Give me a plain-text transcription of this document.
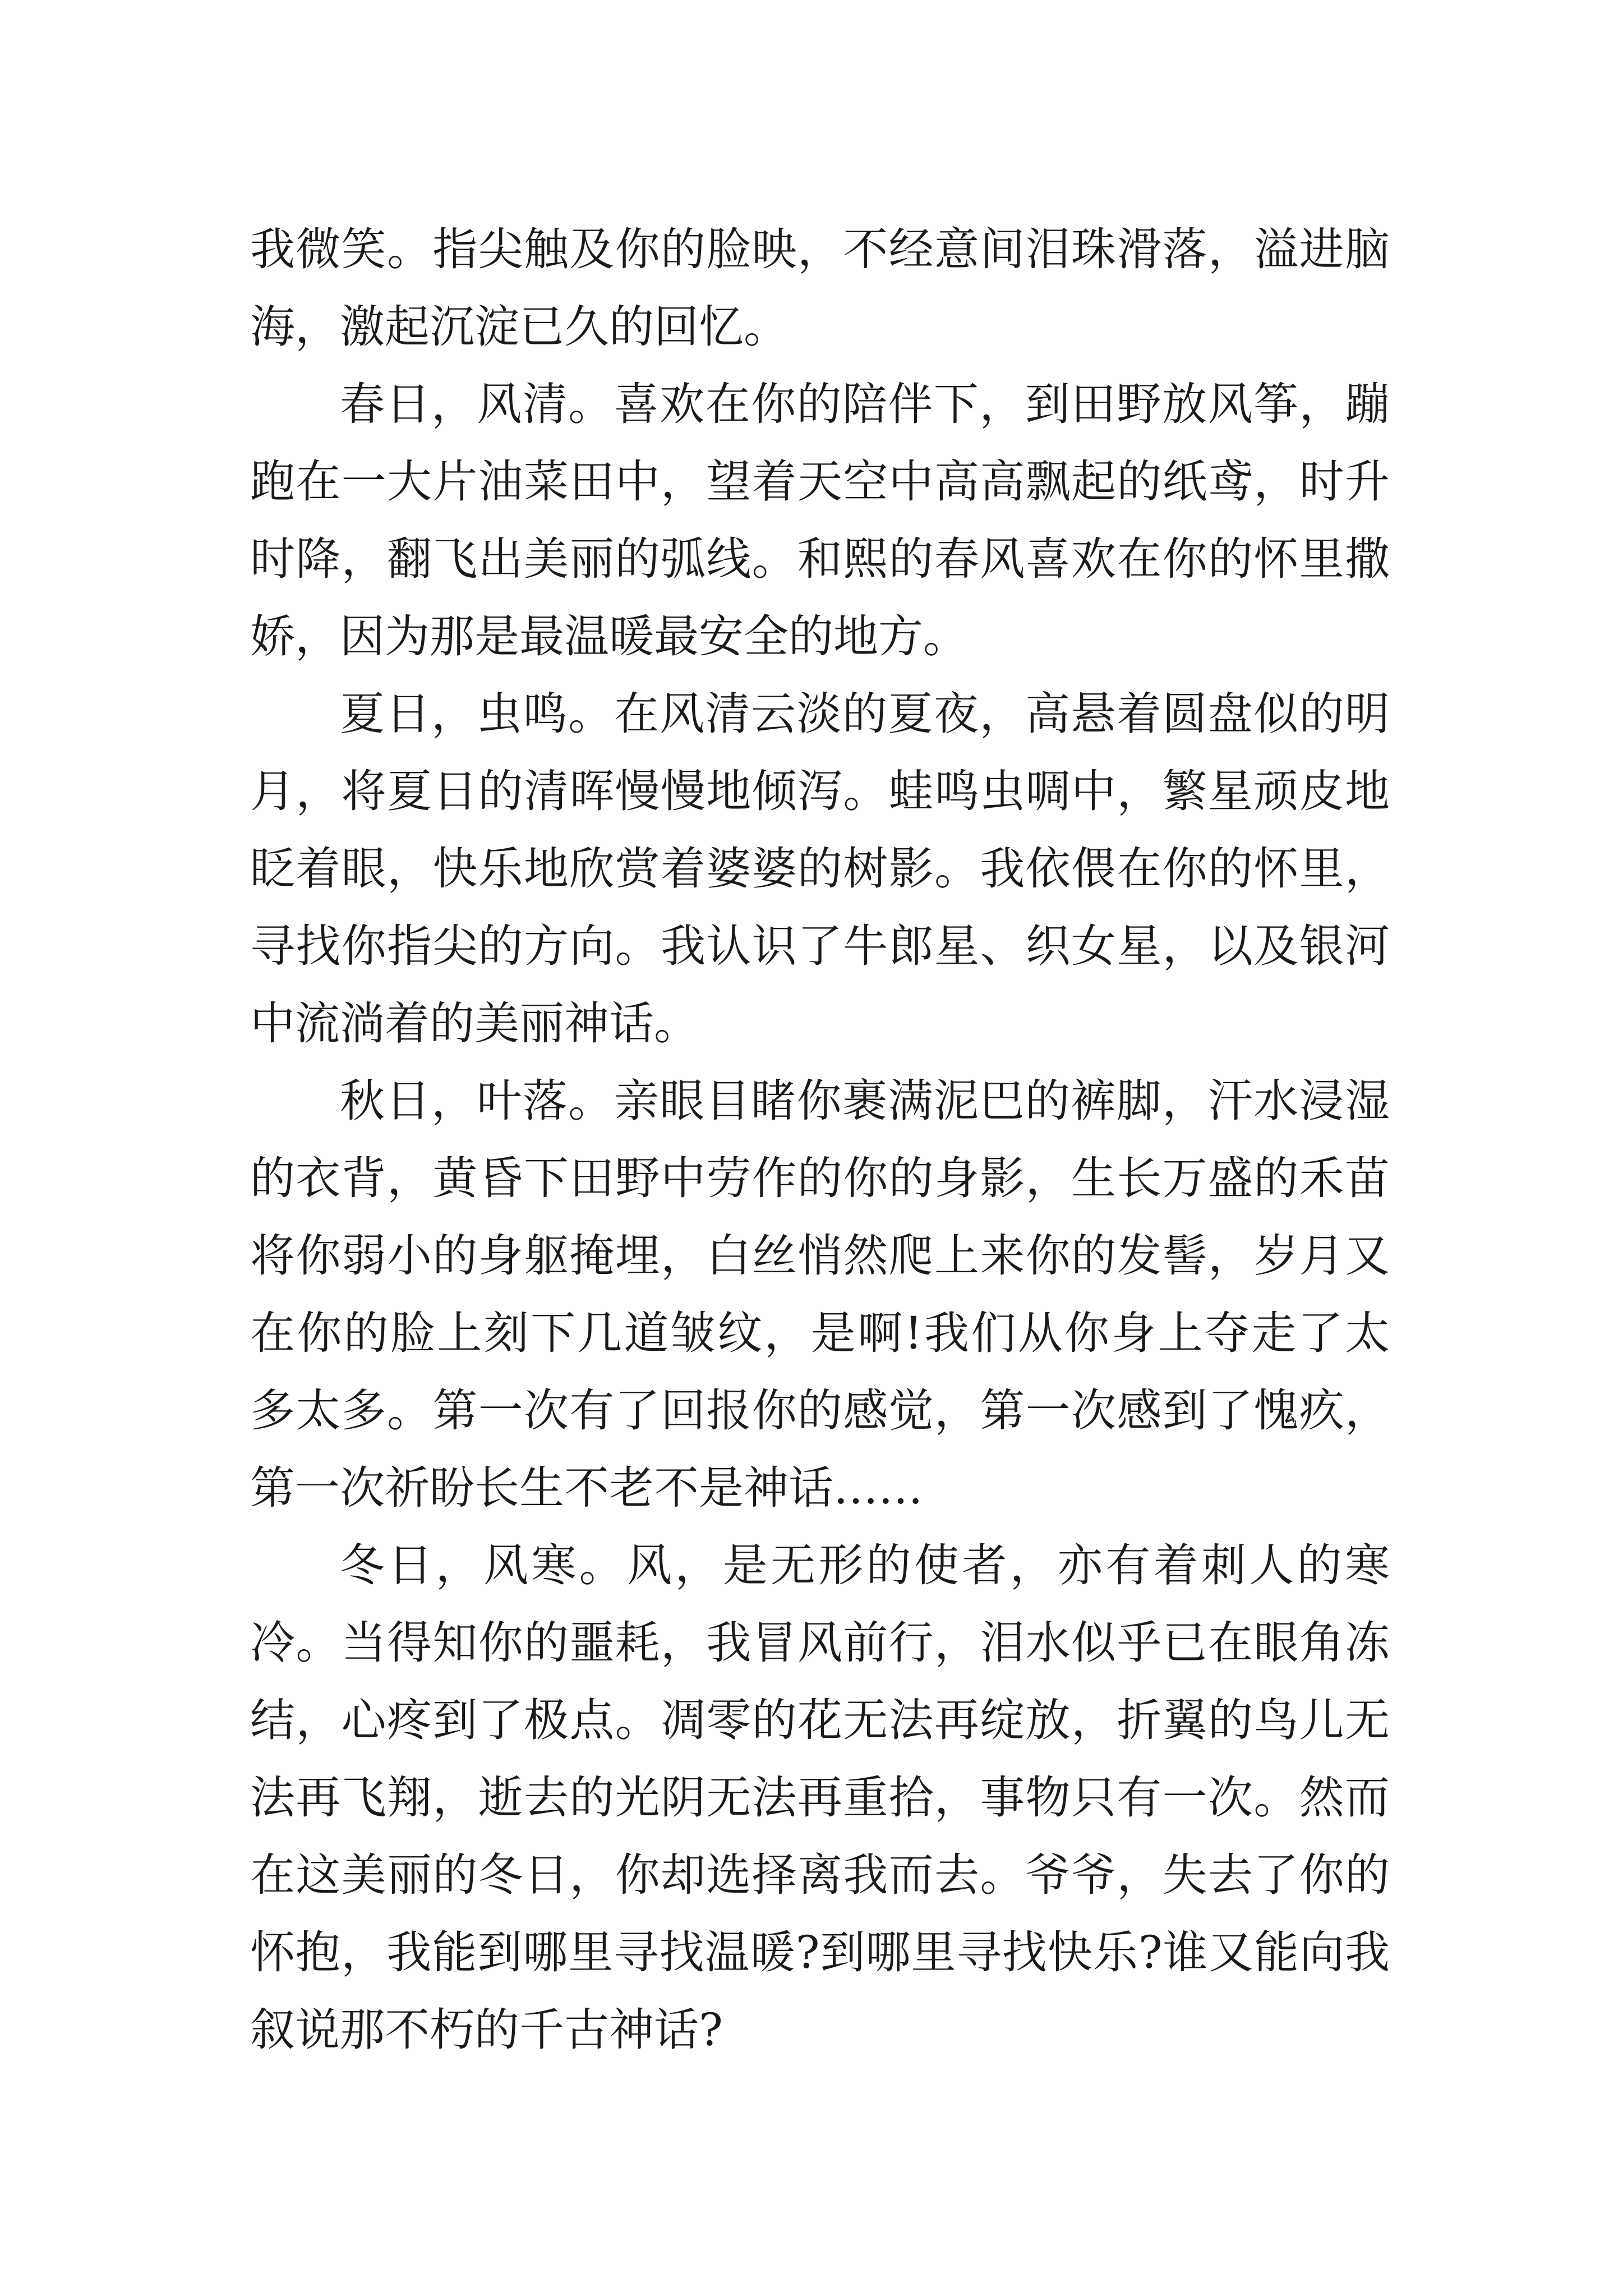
我微笑。指尖触及你的脸映，不经意间泪珠滑落，溢进脑海，激起沉淀已久的回忆。

春日，风清。喜欢在你的陪伴下，到田野放风筝，蹦跑在一大片油菜田中，望着天空中高高飘起的纸鸢，时升时降，翻飞出美丽的弧线。和熙的春风喜欢在你的怀里撒娇，因为那是最温暖最安全的地方。

夏日，虫鸣。在风清云淡的夏夜，高悬着圆盘似的明月，将夏日的清晖慢慢地倾泻。蛙鸣虫啁中，繁星顽皮地眨着眼，快乐地欣赏着婆婆的树影。我依偎在你的怀里，寻找你指尖的方向。我认识了牛郎星、织女星，以及银河中流淌着的美丽神话。

秋日，叶落。亲眼目睹你裹满泥巴的裤脚，汗水浸湿的衣背，黄昏下田野中劳作的你的身影，生长万盛的禾苗将你弱小的身躯掩埋，白丝悄然爬上来你的发髻，岁月又在你的脸上刻下几道皱纹，是啊!我们从你身上夺走了太多太多。第一次有了回报你的感觉，第一次感到了愧疚，第一次祈盼长生不老不是神话……

冬日，风寒。风，是无形的使者，亦有着刺人的寒冷。当得知你的噩耗，我冒风前行，泪水似乎已在眼角冻结，心疼到了极点。凋零的花无法再绽放，折翼的鸟儿无法再飞翔，逝去的光阴无法再重拾，事物只有一次。然而在这美丽的冬日，你却选择离我而去。爷爷，失去了你的怀抱，我能到哪里寻找温暖?到哪里寻找快乐?谁又能向我叙说那不朽的千古神话?
